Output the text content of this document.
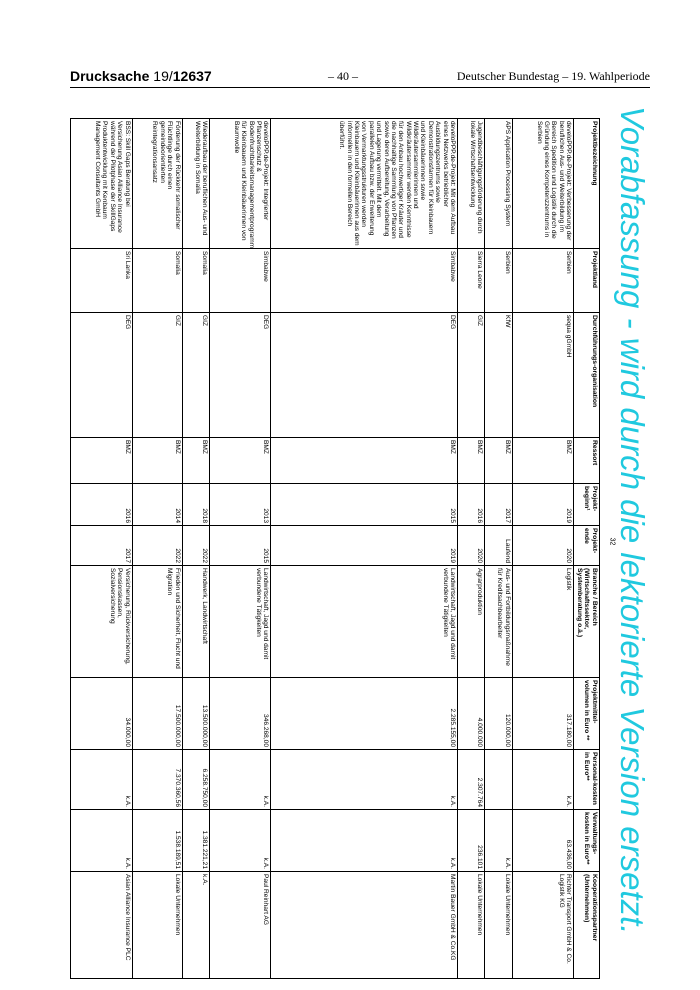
Drucksache 19/12637	– 40 –	Deutscher Bundestag – 19. Wahlperiode
Vorabfassung - wird durch die lektorierte Version ersetzt.
32
Projektbezeichnung	Projektland	Durchführungs-organisation	Ressort	Projekt-beginn¹	Projekt-ende	Branche / Bereich (Wirtschaftssektor, Systemberatung o.ä.)	Projektmittel-volumen in Euro **	Personal-kosten in Euro**	Verwaltungs-kosten in Euro**	Kooperationspartner (Unternehmen)
develoPPP.de-Projekt: Verbesserung der beruflichen Aus- und Weiterbildung im Bereich Spedition und Logistik durch die Gründung eines Kompetenzzentrums in Serbien	Serbien	sequa gGmbH	BMZ	2019	2020	Logistik	317.180,00	k.A.	63.436,00	Richter Transport GmbH & Co. Logistik KG
APS Application Processing System	Serbien	KfW	BMZ	2017	Laufend	Aus- und Fortbildungsmaßnahme für Kreditsachbearbeiter	120.000,00		k.A.	Lokale Unternehmen
Jugendbeschäftigungsförderung durch lokale Wirtschaftsentwicklung	Sierra Leone	GIZ	BMZ	2016	2020	Agrarproduktion	4.000.000	2.307.764	236.101	Lokale Unternehmen
develoPPP.de-Projekt: Mit dem Aufbau eines Netzwerks betrieblicher Ausbildungszentrums sowie Demonstrationsfarmen für Kleinbauern und Kleinbäuerinnen sowie Wildkräutersammlerinnen und Wildkräutersammler werden Kenntnisse für den Anbau hochwertiger Kräuter und die nachhaltige Sammlung von Pflanzen sowie deren Aufbereitung, Verarbeitung und Lagerung vermittelt. Mit dem parallelen Aufbau bzw. der Erweiterung von Vermarktungsstrukturen werden Kleinbauern und Kleinbäuerinnen aus dem informellen in den formellen Bereich überführt.	Simbabwe	DEG	BMZ	2015	2019	Landwirtschaft, Jagd und damit verbundene Tätigkeiten	2.285.155,00	k.A.	k.A.	Martin Bauer GmbH & Co.KG
develoPPP.de-Projekt: Integrierter Pflanzenschutz & Bodenfruchtbarkeitsmanagementprogramm für Kleinbauern und Kleinbäuerinnen von Baumwolle	Simbabwe	DEG	BMZ	2013	2015	Landwirtschaft, Jagd und damit verbundene Tätigkeiten	346.268,00	k.A.	k.A.	Paul Reinhart AG
Wiederaufbau der beruflichen Aus- und Weiterbildung in Somalia	Somalia	GIZ	BMZ	2018	2022	Handwerk, Landwirtschaft	13.500.000,00	6.258.750,00	1.381.221,21	k.A.
Förderung der Rückkehr somalischer Flüchtlinge durch einen gemeindeorientierten Reintegrationsansatz	Somalia	GIZ	BMZ	2014	2022	Frieden und Sicherheit, Flucht und Migration	17.500.000,00	7.370.360,56	1.538.189,51	Lokale Unternehmen
BSS: Skill Gaps Beratung bei Versicherung Asian Alliance Insurance während der Pilotphase der SkillGaps Produktentwicklung mit Kenbaum Management Consultants GmbH	Sri Lanka	DEG	BMZ	2016	2017	Versicherung, Rückversicherung, Pensionskassen, Sozialversicherung	34.000,00	k.A.	k.A.	Asian Alliance Insurance PLC
